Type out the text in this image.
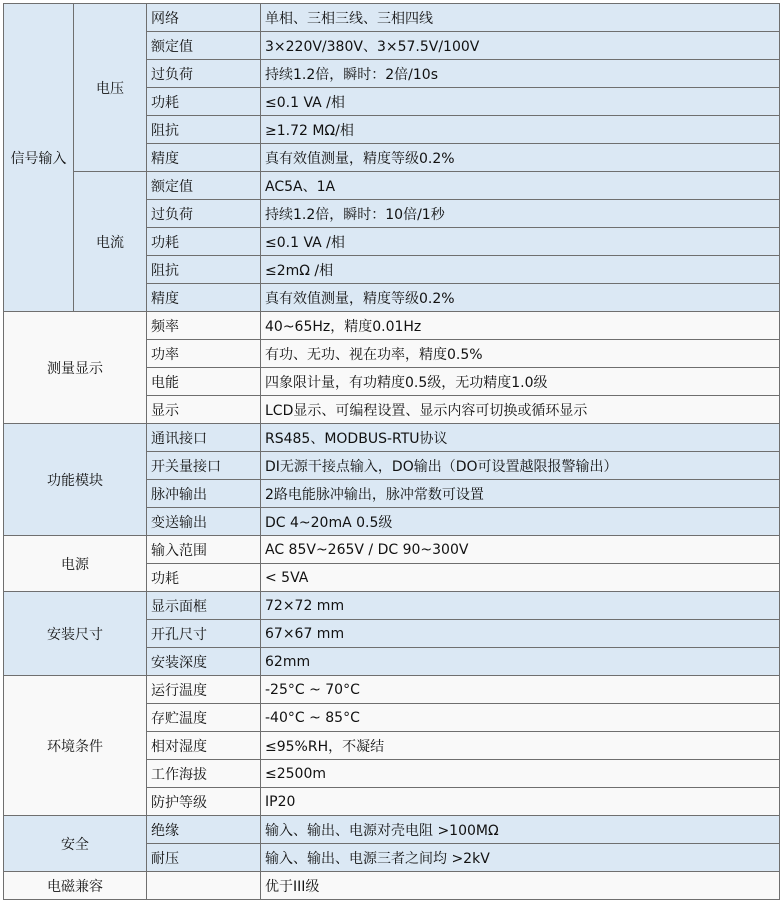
信号输入	电压	网络	单相、三相三线、三相四线
		额定值	3×220V/380V、3×57.5V/100V
		过负荷	持续1.2倍，瞬时：2倍/10s
		功耗	≤0.1 VA /相
		阻抗	≥1.72 MΩ/相
		精度	真有效值测量，精度等级0.2%
	电流	额定值	AC5A、1A
		过负荷	持续1.2倍，瞬时：10倍/1秒
		功耗	≤0.1 VA /相
		阻抗	≤2mΩ /相
		精度	真有效值测量，精度等级0.2%
测量显示		频率	40~65Hz，精度0.01Hz
		功率	有功、无功、视在功率，精度0.5%
		电能	四象限计量，有功精度0.5级，无功精度1.0级
		显示	LCD显示、可编程设置、显示内容可切换或循环显示
功能模块		通讯接口	RS485、MODBUS-RTU协议
		开关量接口	DI无源干接点输入，DO输出（DO可设置越限报警输出）
		脉冲输出	2路电能脉冲输出，脉冲常数可设置
		变送输出	DC 4~20mA 0.5级
电源		输入范围	AC 85V~265V / DC 90~300V
		功耗	< 5VA
安装尺寸		显示面框	72×72 mm
		开孔尺寸	67×67 mm
		安装深度	62mm
环境条件		运行温度	-25°C ~ 70°C
		存贮温度	-40°C ~ 85°C
		相对湿度	≤95%RH，不凝结
		工作海拔	≤2500m
		防护等级	IP20
安全		绝缘	输入、输出、电源对壳电阻 >100MΩ
		耐压	输入、输出、电源三者之间均 >2kV
电磁兼容			优于III级
